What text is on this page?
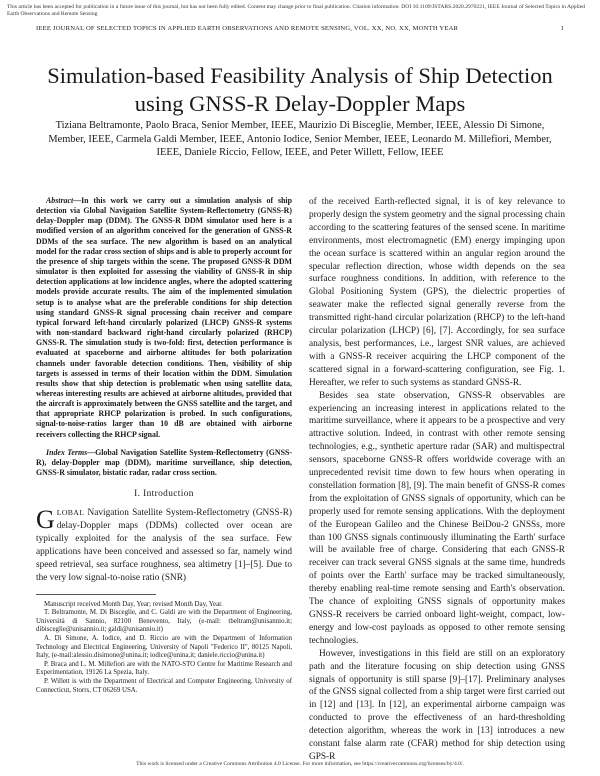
This article has been accepted for publication in a future issue of this journal, but has not been fully edited. Content may change prior to final publication. Citation information: DOI 10.1109/JSTARS.2020.2970221, IEEE Journal of Selected Topics in Applied Earth Observations and Remote Sensing
IEEE JOURNAL OF SELECTED TOPICS IN APPLIED EARTH OBSERVATIONS AND REMOTE SENSING, VOL. XX, NO. XX, MONTH YEAR	1
Simulation-based Feasibility Analysis of Ship Detection using GNSS-R Delay-Doppler Maps
Tiziana Beltramonte, Paolo Braca, Senior Member, IEEE, Maurizio Di Bisceglie, Member, IEEE, Alessio Di Simone, Member, IEEE, Carmela Galdi Member, IEEE, Antonio Iodice, Senior Member, IEEE, Leonardo M. Millefiori, Member, IEEE, Daniele Riccio, Fellow, IEEE, and Peter Willett, Fellow, IEEE

Abstract—In this work we carry out a simulation analysis of ship detection via Global Navigation Satellite System-Reflectometry (GNSS-R) delay-Doppler map (DDM). The GNSS-R DDM simulator used here is a modified version of an algorithm conceived for the generation of GNSS-R DDMs of the sea surface. The new algorithm is based on an analytical model for the radar cross section of ships and is able to properly account for the presence of ship targets within the scene. The proposed GNSS-R DDM simulator is then exploited for assessing the viability of GNSS-R in ship detection applications at low incidence angles, where the adopted scattering models provide accurate results. The aim of the implemented simulation setup is to analyse what are the preferable conditions for ship detection using standard GNSS-R signal processing chain receiver and compare typical forward left-hand circularly polarized (LHCP) GNSS-R systems with non-standard backward right-hand circularly polarized (RHCP) GNSS-R. The simulation study is two-fold: first, detection performance is evaluated at spaceborne and airborne altitudes for both polarization channels under favorable detection conditions. Then, visibility of ship targets is assessed in terms of their location within the DDM. Simulation results show that ship detection is problematic when using satellite data, whereas interesting results are achieved at airborne altitudes, provided that the aircraft is approximately between the GNSS satellite and the target, and that appropriate RHCP polarization is probed. In such configurations, signal-to-noise-ratios larger than 10 dB are obtained with airborne receivers collecting the RHCP signal.

Index Terms—Global Navigation Satellite System-Reflectometry (GNSS-R), delay-Doppler map (DDM), maritime surveillance, ship detection, GNSS-R simulator, bistatic radar, radar cross section.

I. Introduction

GLOBAL Navigation Satellite System-Reflectometry (GNSS-R) delay-Doppler maps (DDMs) collected over ocean are typically exploited for the analysis of the sea surface. Few applications have been conceived and assessed so far, namely wind speed retrieval, sea surface roughness, sea altimetry [1]–[5]. Due to the very low signal-to-noise ratio (SNR)

Manuscript received Month Day, Year; revised Month Day, Year.

T. Beltramonte, M. Di Bisceglie, and C. Galdi are with the Department of Engineering, Università di Sannio, 82100 Benevento, Italy, (e-mail: tbeltram@unisannio.it; dibisceglie@unisannio.it; galdi@unisannio.it)

A. Di Simone, A. Iodice, and D. Riccio are with the Department of Information Technology and Electrical Engineering, University of Napoli "Federico II", 80125 Napoli, Italy, (e-mail:alessio.disimone@unina.it; iodice@unina.it; daniele.riccio@unina.it)

P. Braca and L. M. Millefiori are with the NATO-STO Centre for Maritime Research and Experimentation, 19126 La Spezia, Italy.

P. Willett is with the Department of Electrical and Computer Engineering, University of Connecticut, Storrs, CT 06269 USA.

of the received Earth-reflected signal, it is of key relevance to properly design the system geometry and the signal processing chain according to the scattering features of the sensed scene. In maritime environments, most electromagnetic (EM) energy impinging upon the ocean surface is scattered within an angular region around the specular reflection direction, whose width depends on the sea surface roughness conditions. In addition, with reference to the Global Positioning System (GPS), the dielectric properties of seawater make the reflected signal generally reverse from the transmitted right-hand circular polarization (RHCP) to the left-hand circular polarization (LHCP) [6], [7]. Accordingly, for sea surface analysis, best performances, i.e., largest SNR values, are achieved with a GNSS-R receiver acquiring the LHCP component of the scattered signal in a forward-scattering configuration, see Fig. 1. Hereafter, we refer to such systems as standard GNSS-R.

Besides sea state observation, GNSS-R observables are experiencing an increasing interest in applications related to the maritime surveillance, where it appears to be a prospective and very attractive solution. Indeed, in contrast with other remote sensing technologies, e.g., synthetic aperture radar (SAR) and multispectral sensors, spaceborne GNSS-R offers worldwide coverage with an unprecedented revisit time down to few hours when operating in constellation formation [8], [9]. The main benefit of GNSS-R comes from the exploitation of GNSS signals of opportunity, which can be properly used for remote sensing applications. With the deployment of the European Galileo and the Chinese BeiDou-2 GNSSs, more than 100 GNSS signals continuously illuminating the Earth' surface will be available free of charge. Considering that each GNSS-R receiver can track several GNSS signals at the same time, hundreds of points over the Earth' surface may be tracked simultaneously, thereby enabling real-time remote sensing and Earth's observation. The chance of exploiting GNSS signals of opportunity makes GNSS-R receivers be carried onboard light-weight, compact, low-energy and low-cost payloads as opposed to other remote sensing technologies.

However, investigations in this field are still on an exploratory path and the literature focusing on ship detection using GNSS signals of opportunity is still sparse [9]–[17]. Preliminary analyses of the GNSS signal collected from a ship target were first carried out in [12] and [13]. In [12], an experimental airborne campaign was conducted to prove the effectiveness of an hard-thresholding detection algorithm, whereas the work in [13] introduces a new constant false alarm rate (CFAR) method for ship detection using GPS-R

This work is licensed under a Creative Commons Attribution 4.0 License. For more information, see https://creativecommons.org/licenses/by/4.0/.
